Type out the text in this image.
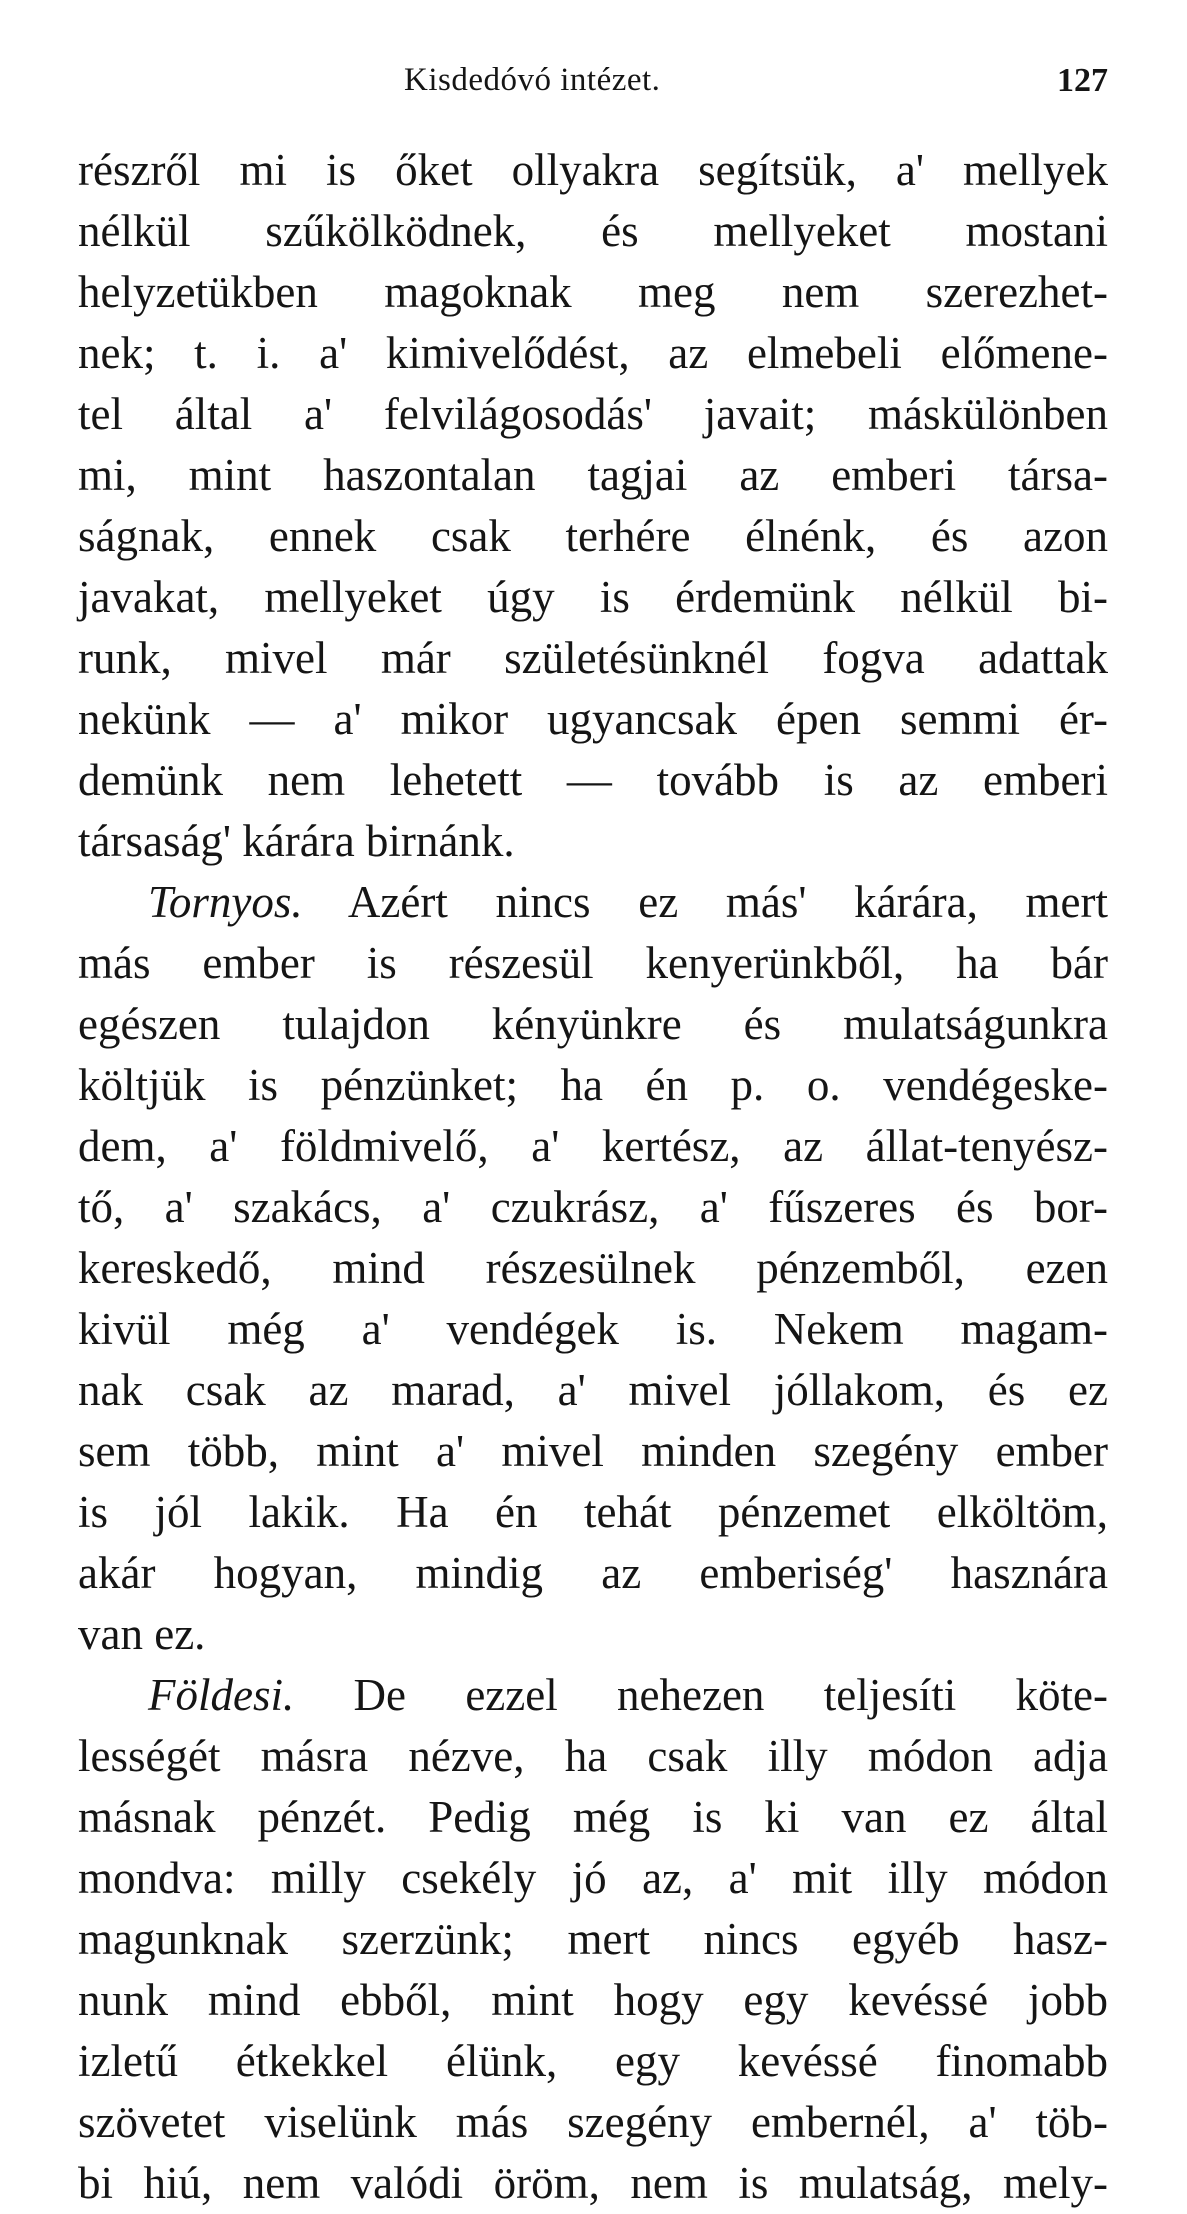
Kisdedóvó intézet.	127
részről mi is őket ollyakra segítsük, a' mellyek
nélkül szűkölködnek, és mellyeket mostani
helyzetükben magoknak meg nem szerezhet-
nek; t. i. a' kimivelődést, az elmebeli előmene-
tel által a' felvilágosodás' javait; máskülönben
mi, mint haszontalan tagjai az emberi társa-
ságnak, ennek csak terhére élnénk, és azon
javakat, mellyeket úgy is érdemünk nélkül bi-
runk, mivel már születésünknél fogva adattak
nekünk — a' mikor ugyancsak épen semmi ér-
demünk nem lehetett — tovább is az emberi
társaság' kárára birnánk.
Tornyos. Azért nincs ez más' kárára, mert
más ember is részesül kenyerünkből, ha bár
egészen tulajdon kényünkre és mulatságunkra
költjük is pénzünket; ha én p. o. vendégeske-
dem, a' földmivelő, a' kertész, az állat-tenyész-
tő, a' szakács, a' czukrász, a' fűszeres és bor-
kereskedő, mind részesülnek pénzemből, ezen
kivül még a' vendégek is. Nekem magam-
nak csak az marad, a' mivel jóllakom, és ez
sem több, mint a' mivel minden szegény ember
is jól lakik. Ha én tehát pénzemet elköltöm,
akár hogyan, mindig az emberiség' hasznára
van ez.
Földesi. De ezzel nehezen teljesíti köte-
lességét másra nézve, ha csak illy módon adja
másnak pénzét. Pedig még is ki van ez által
mondva: milly csekély jó az, a' mit illy módon
magunknak szerzünk; mert nincs egyéb hasz-
nunk mind ebből, mint hogy egy kevéssé jobb
izletű étkekkel élünk, egy kevéssé finomabb
szövetet viselünk más szegény embernél, a' töb-
bi hiú, nem valódi öröm, nem is mulatság, mely-
